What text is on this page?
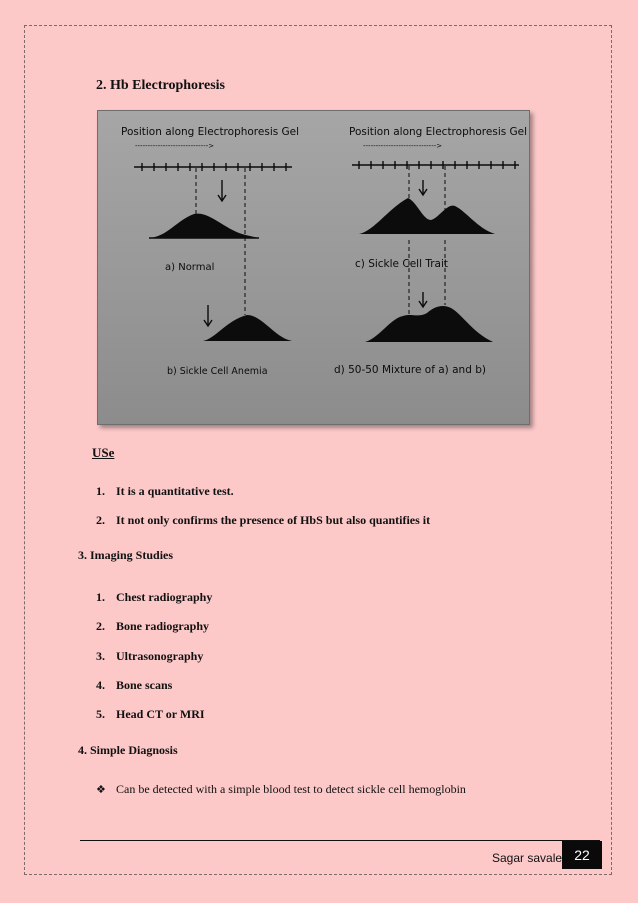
2. Hb Electrophoresis
Position along Electrophoresis Gel	Position along Electrophoresis Gel
----------------------------->	----------------------------->
a) Normal
b) Sickle Cell Anemia
c) Sickle Cell Trait
d) 50-50 Mixture of a) and b)
USe
1. It is a quantitative test.
2. It not only confirms the presence of HbS but also quantifies it
3. Imaging Studies
1. Chest radiography
2. Bone radiography
3. Ultrasonography
4. Bone scans
5. Head CT or MRI
4. Simple Diagnosis
❖ Can be detected with a simple blood test to detect sickle cell hemoglobin
Sagar savale 22
